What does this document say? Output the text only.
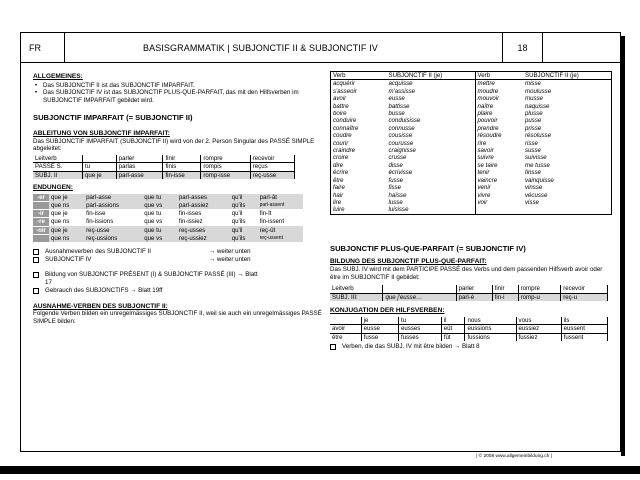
FR	BASISGRAMMATIK | SUBJONCTIF II & SUBJONCTIF IV	18
ALLGEMEINES:
• Das SUBJONCTIF II ist das SUBJONCTIF IMPARFAIT.
• Das SUBJONCTIF IV ist das SUBJONCTIF PLUS-QUE-PARFAIT, das mit den Hilfsverben im SUBJONCTIF IMPARFAIT gebildet wird.
SUBJONCTIF IMPARFAIT (= SUBJONCTIF II)
ABLEITUNG VON SUBJONCTIF IMPARFAIT:

Das SUBJONCTIF IMPARFAIT (SUBJONCTIF II) wird von der 2. Person Singular des PASSÉ SIMPLE abgeleitet:

Leitverb		parler	finir	rompre	recevoir
PASSÉ S.	tu	parlas	finis	rompis	reçus
SUBJ. II	que je	parl-asse	fin-isse	romp-isse	reç-usse
ENDUNGEN:
-er	que je	parl-asse	que tu	parl-asses	qu'il	parl-ât
	que ns	parl-assions	que vs	parl-assiez	qu'ils	parl-assent
-ir	que je	fin-isse	que tu	fin-isses	qu'il	fin-ît
-re	que ns	fin-issions	que vs	fin-issiez	qu'ils	fin-issent
-oir	que je	reç-usse	que tu	reç-usses	qu'il	reç-ût
	que ns	reç-ussions	que vs	reç-ussiez	qu'ils	reç-ussent
Ausnahmeverben des SUBJONCTIF II	→ weiter unten
SUBJONCTIF IV	→ weiter unten
Bildung von SUBJONCTIF PRÉSENT (I) & SUBJONCTIF PASSÉ (III) → Blatt 17
Gebrauch des SUBJONCTIFS → Blatt 19ff
AUSNAHME-VERBEN DES SUBJONCTIF II:

Folgende Verben bilden ein unregelmässiges SUBJONCTIF II, weil sie auch ein unregelmässiges PASSÉ SIMPLE bilden:

Verb	SUBJONCTIF II (je)	Verb	SUBJONCTIF II (je)
acquérir	acquisse	mettre	misse
s'asseoir	m'assisse	moudre	moulusse
avoir	eusse	mouvoir	musse
battre	battisse	naître	naquisse
boire	busse	plaire	plusse
conduire	conduisisse	pouvoir	pusse
connaître	connusse	prendre	prisse
coudre	cousisse	résoudre	résolusse
courir	courusse	rire	risse
craindre	craignisse	savoir	susse
croire	crusse	suivre	suivisse
dire	disse	se taire	me tusse
écrire	écrivisse	tenir	tinsse
être	fusse	vaincre	vainquisse
faire	fisse	venir	vinsse
hair	haïsse	vivre	vécusse
lire	lusse	voir	visse
luire	luisisse		
SUBJONCTIF PLUS-QUE-PARFAIT (= SUBJONCTIF IV)
BILDUNG DES SUBJONCTIF PLUS-QUE-PARFAIT:

Das SUBJ. IV wird mit dem PARTICIPE PASSÉ des Verbs und dem passenden Hilfsverb avoir oder être im SUBJONCTIF II gebildet:

Leitverb		parler	finir	rompre	recevoir
SUBJ. III:	que j'eusse…	parl-é	fin-i	romp-u	reç-u
KONJUGATION DER HILFSVERBEN:
	je	tu	il	nous	vous	ils
avoir	eusse	eusses	eût	eussions	eussiez	eussent
être	fusse	fusses	fût	fussions	fussiez	fussent
Verben, die das SUBJ. IV mit être bilden → Blatt 8
| © 2008 www.allgemeinbildung.ch |
